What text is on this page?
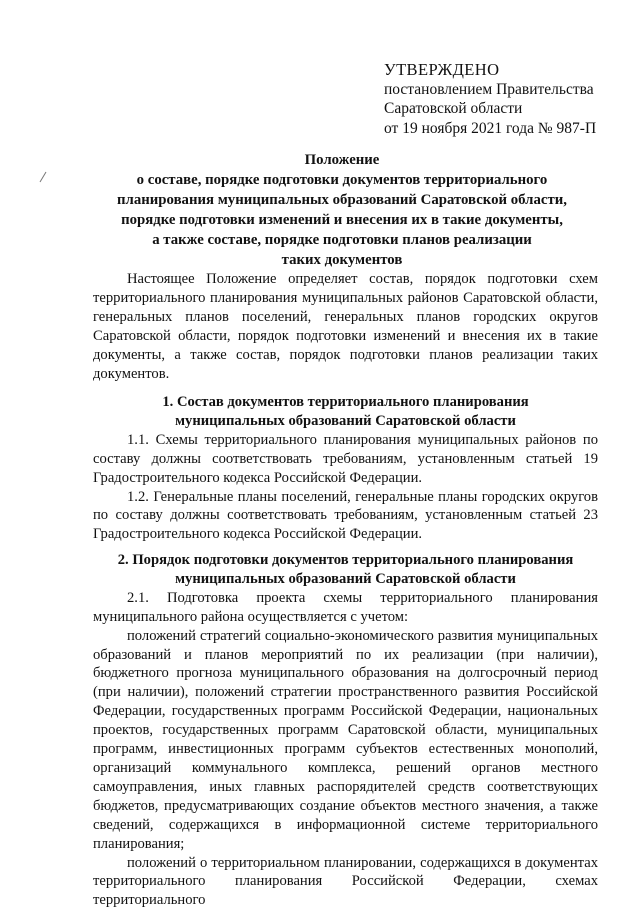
УТВЕРЖДЕНО
постановлением Правительства
Саратовской области
от 19 ноября 2021 года № 987-П
Положение
о составе, порядке подготовки документов территориального
планирования муниципальных образований Саратовской области,
порядке подготовки изменений и внесения их в такие документы,
а также составе, порядке подготовки планов реализации
таких документов

Настоящее Положение определяет состав, порядок подготовки схем территориального планирования муниципальных районов Саратовской области, генеральных планов поселений, генеральных планов городских округов Саратовской области, порядок подготовки изменений и внесения их в такие документы, а также состав, порядок подготовки планов реализации таких документов.

1. Состав документов территориального планирования
муниципальных образований Саратовской области

1.1. Схемы территориального планирования муниципальных районов по составу должны соответствовать требованиям, установленным статьей 19 Градостроительного кодекса Российской Федерации.

1.2. Генеральные планы поселений, генеральные планы городских округов по составу должны соответствовать требованиям, установленным статьей 23 Градостроительного кодекса Российской Федерации.

2. Порядок подготовки документов территориального планирования
муниципальных образований Саратовской области

2.1. Подготовка проекта схемы территориального планирования муниципального района осуществляется с учетом:

положений стратегий социально-экономического развития муниципальных образований и планов мероприятий по их реализации (при наличии), бюджетного прогноза муниципального образования на долгосрочный период (при наличии), положений стратегии пространственного развития Российской Федерации, государственных программ Российской Федерации, национальных проектов, государственных программ Саратовской области, муниципальных программ, инвестиционных программ субъектов естественных монополий, организаций коммунального комплекса, решений органов местного самоуправления, иных главных распорядителей средств соответствующих бюджетов, предусматривающих создание объектов местного значения, а также сведений, содержащихся в информационной системе территориального планирования;

положений о территориальном планировании, содержащихся в документах территориального планирования Российской Федерации, схемах территориального
